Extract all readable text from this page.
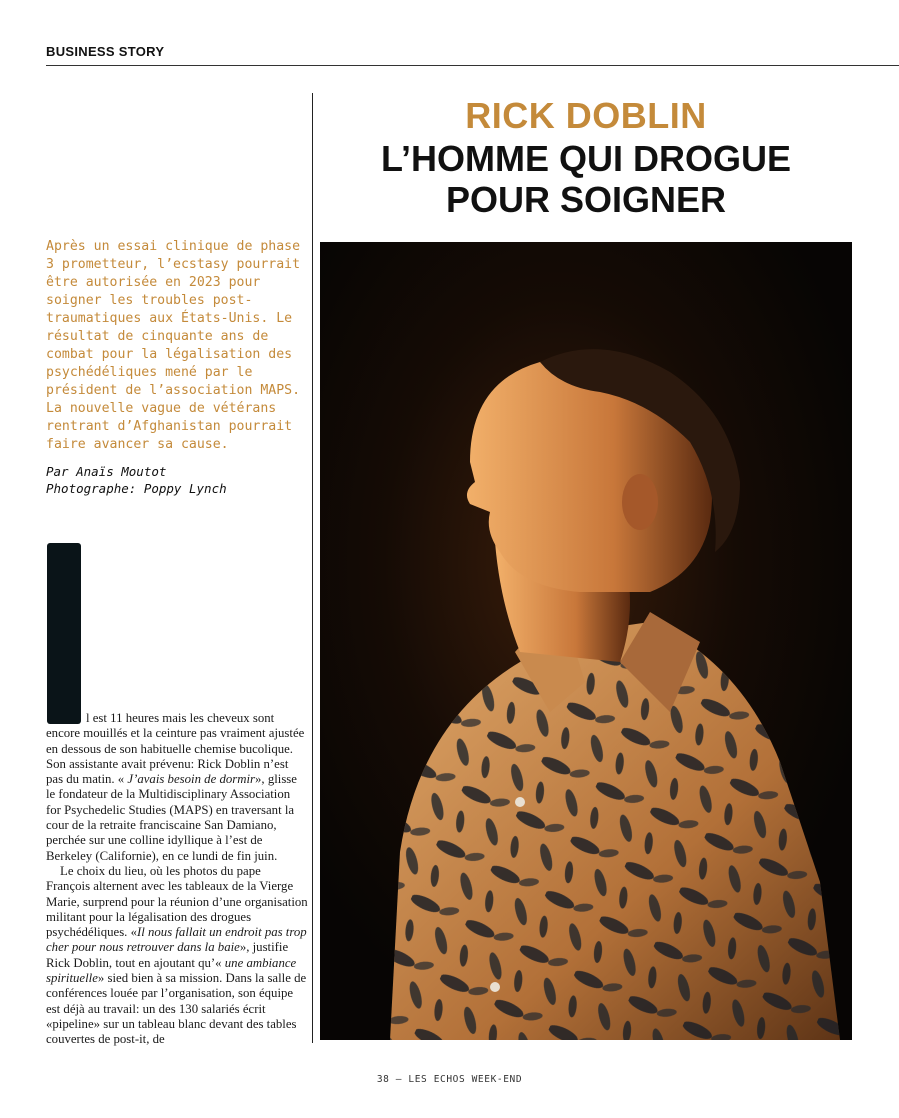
BUSINESS STORY
RICK DOBLIN
L’HOMME QUI DROGUE
POUR SOIGNER

Après un essai clinique de phase 3 prometteur, l’ecstasy pourrait être autorisée en 2023 pour soigner les troubles post-traumatiques aux États-Unis. Le résultat de cinquante ans de combat pour la légalisation des psychédéliques mené par le président de l’association MAPS. La nouvelle vague de vétérans rentrant d’Afghanistan pourrait faire avancer sa cause.

Par Anaïs Moutot
Photographe: Poppy Lynch

l est 11 heures mais les cheveux sont encore mouillés et la ceinture pas vraiment ajustée en dessous de son habituelle chemise bucolique. Son assistante avait prévenu: Rick Doblin n’est pas du matin. « J’avais besoin de dormir», glisse le fondateur de la Multidisciplinary Association for Psychedelic Studies (MAPS) en traversant la cour de la retraite franciscaine San Damiano, perchée sur une colline idyllique à l’est de Berkeley (Californie), en ce lundi de fin juin.

Le choix du lieu, où les photos du pape François alternent avec les tableaux de la Vierge Marie, surprend pour la réunion d’une organisation militant pour la légalisation des drogues psychédéliques. «Il nous fallait un endroit pas trop cher pour nous retrouver dans la baie», justifie Rick Doblin, tout en ajoutant qu’« une ambiance spirituelle» sied bien à sa mission. Dans la salle de conférences louée par l’organisation, son équipe est déjà au travail: un des 130 salariés écrit «pipeline» sur un tableau blanc devant des tables couvertes de post-it, de

38 – LES ECHOS WEEK-END
